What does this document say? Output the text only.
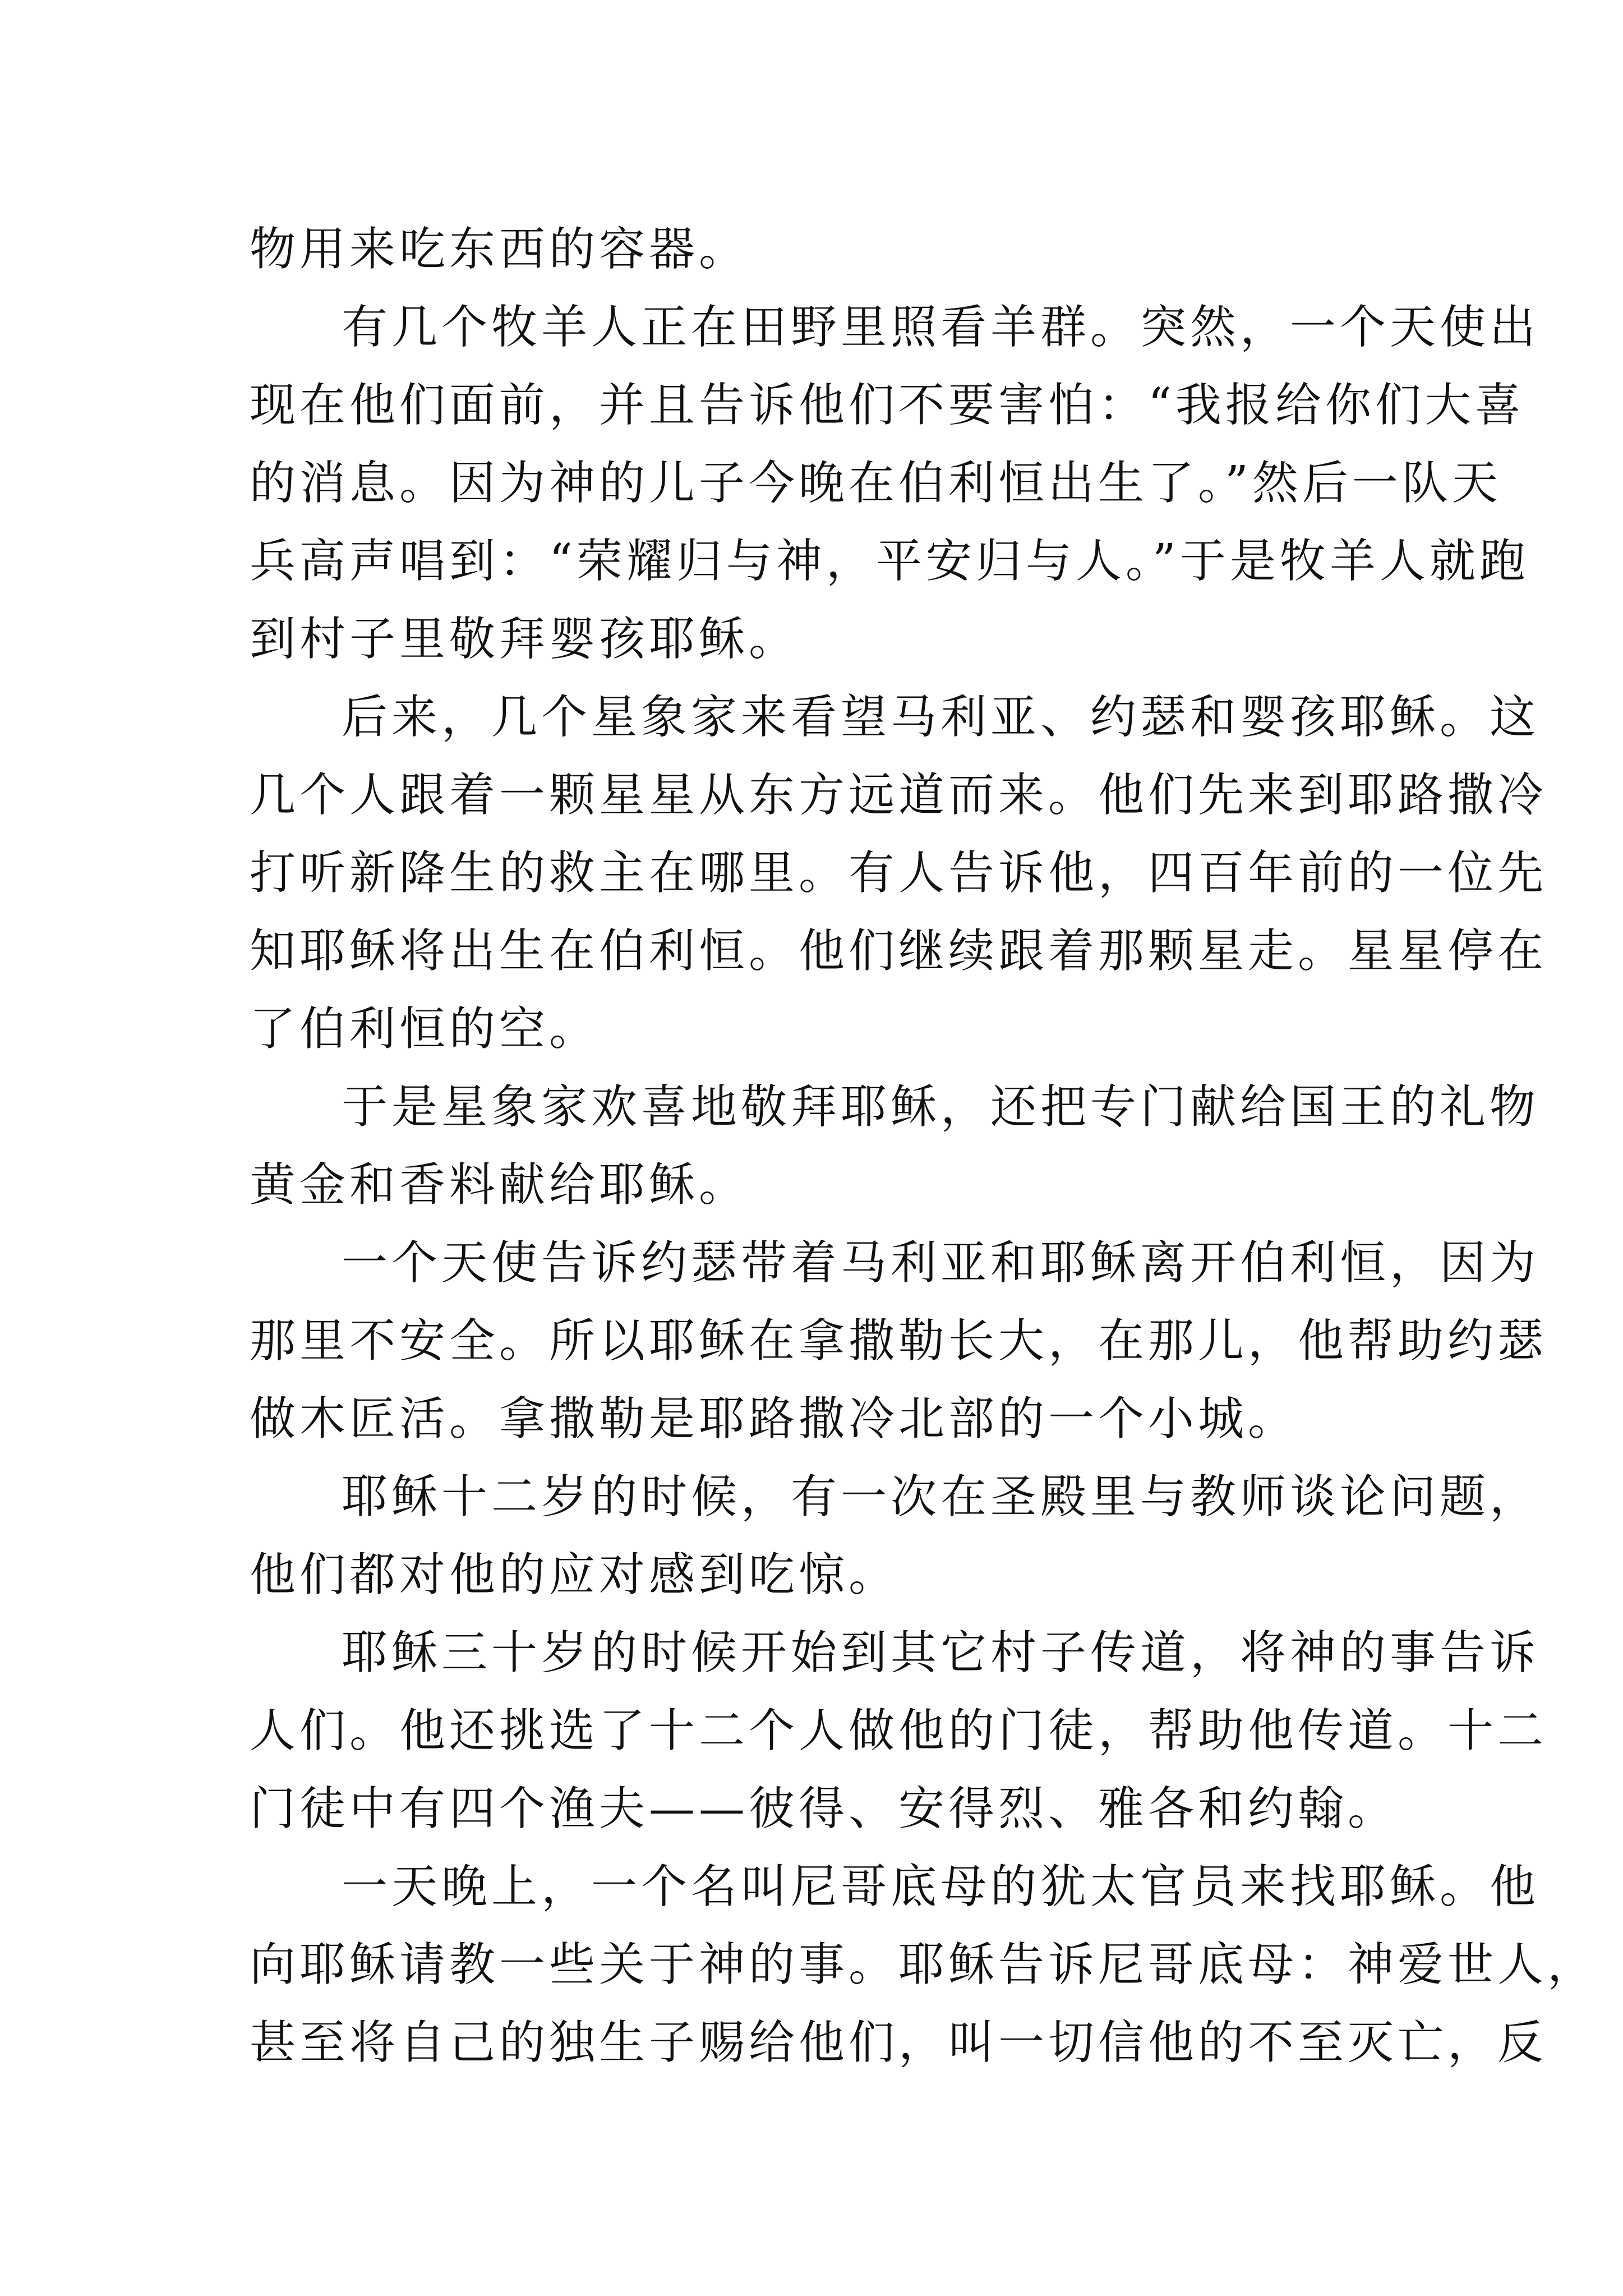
物用来吃东西的容器。
有几个牧羊人正在田野里照看羊群。突然，一个天使出
现在他们面前，并且告诉他们不要害怕：“我报给你们大喜
的消息。因为神的儿子今晚在伯利恒出生了。”然后一队天
兵高声唱到：“荣耀归与神，平安归与人。”于是牧羊人就跑
到村子里敬拜婴孩耶稣。
后来，几个星象家来看望马利亚、约瑟和婴孩耶稣。这
几个人跟着一颗星星从东方远道而来。他们先来到耶路撒冷
打听新降生的救主在哪里。有人告诉他，四百年前的一位先
知耶稣将出生在伯利恒。他们继续跟着那颗星走。星星停在
了伯利恒的空。
于是星象家欢喜地敬拜耶稣，还把专门献给国王的礼物
黄金和香料献给耶稣。
一个天使告诉约瑟带着马利亚和耶稣离开伯利恒，因为
那里不安全。所以耶稣在拿撒勒长大，在那儿，他帮助约瑟
做木匠活。拿撒勒是耶路撒冷北部的一个小城。
耶稣十二岁的时候，有一次在圣殿里与教师谈论问题，
他们都对他的应对感到吃惊。
耶稣三十岁的时候开始到其它村子传道，将神的事告诉
人们。他还挑选了十二个人做他的门徒，帮助他传道。十二
门徒中有四个渔夫——彼得、安得烈、雅各和约翰。
一天晚上，一个名叫尼哥底母的犹太官员来找耶稣。他
向耶稣请教一些关于神的事。耶稣告诉尼哥底母：神爱世人，
甚至将自己的独生子赐给他们，叫一切信他的不至灭亡，反
